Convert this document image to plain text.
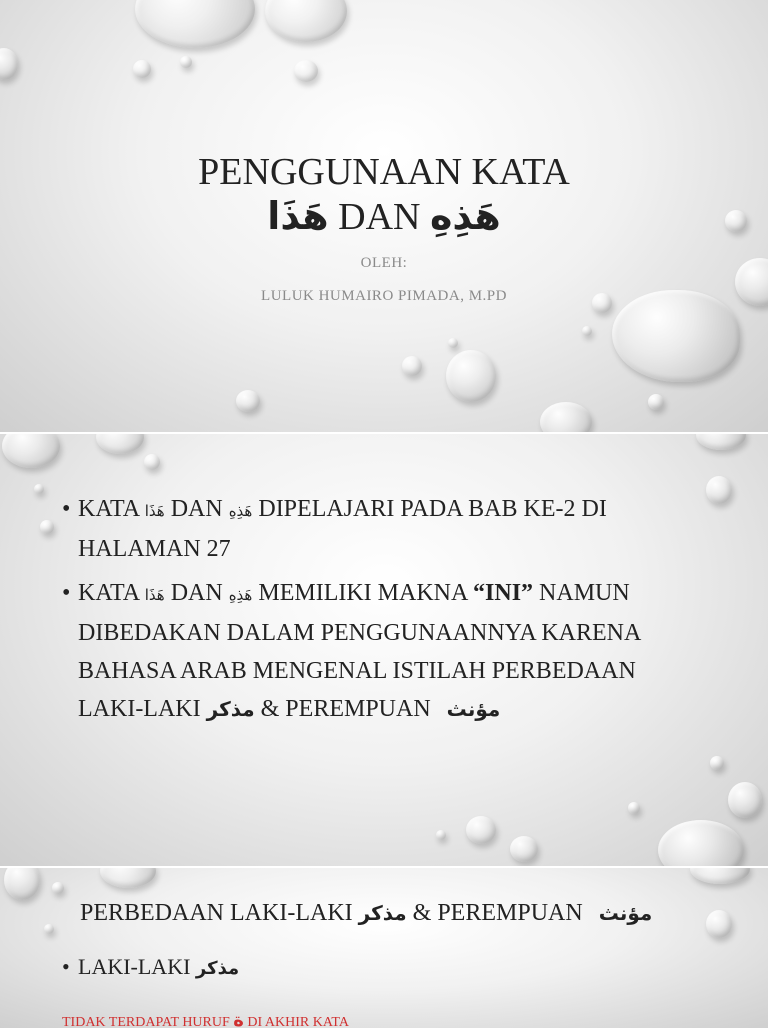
PENGGUNAAN KATA
هَذَا DAN هَذِهِ
OLEH:
LULUK HUMAIRO PIMADA, M.PD
• KATA هَذَا DAN هَذِهِ DIPELAJARI PADA BAB KE-2 DI HALAMAN 27
• KATA هَذَا DAN هَذِهِ MEMILIKI MAKNA “INI” NAMUN DIBEDAKAN DALAM PENGGUNAANNYA KARENA BAHASA ARAB MENGENAL ISTILAH PERBEDAAN LAKI-LAKI مذكر & PEREMPUAN مؤنث
PERBEDAAN LAKI-LAKI مذكر & PEREMPUAN مؤنث
• LAKI-LAKI مذكر
TIDAK TERDAPAT HURUF ة DI AKHIR KATA
